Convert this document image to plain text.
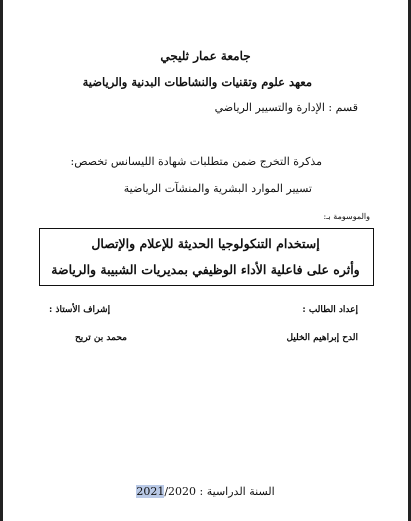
جامعة عمار ثليجي
معهد علوم وتقنيات والنشاطات البدنية والرياضية
قسم : الإدارة والتسيير الرياضي
مذكرة التخرج ضمن متطلبات شهادة الليسانس تخصص:
تسيير الموارد البشرية والمنشآت الرياضية
والموسومة بـ:
إستخدام التنكولوجيا الحديثة للإعلام والإتصال
وأثره على فاعلية الأداء الوظيفي بمديريات الشبيبة والرياضة
إعداد الطالب :
إشراف الأستاذ :
الدح إبراهيم الخليل
محمد بن تريح
السنة الدراسية : 2021/2020
